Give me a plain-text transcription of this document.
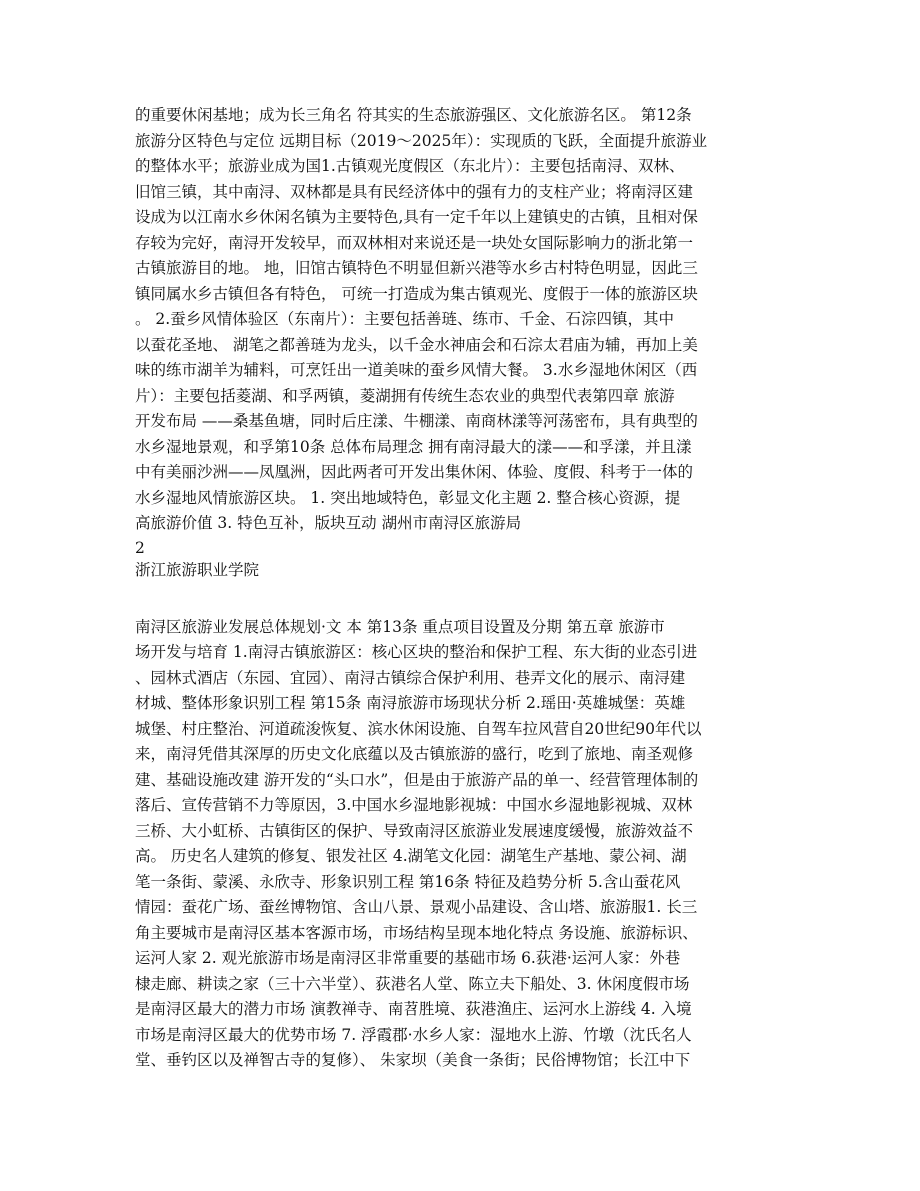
的重要休闲基地；成为长三角名 符其实的生态旅游强区、文化旅游名区。 第12条
旅游分区特色与定位 远期目标（2019～2025年）：实现质的飞跃，全面提升旅游业
的整体水平；旅游业成为国1.古镇观光度假区（东北片）：主要包括南浔、双林、
旧馆三镇，其中南浔、双林都是具有民经济体中的强有力的支柱产业；将南浔区建
设成为以江南水乡休闲名镇为主要特色,具有一定千年以上建镇史的古镇，且相对保
存较为完好，南浔开发较早，而双林相对来说还是一块处女国际影响力的浙北第一
古镇旅游目的地。 地，旧馆古镇特色不明显但新兴港等水乡古村特色明显，因此三
镇同属水乡古镇但各有特色， 可统一打造成为集古镇观光、度假于一体的旅游区块
。 2.蚕乡风情体验区（东南片）：主要包括善琏、练市、千金、石淙四镇，其中
以蚕花圣地、 湖笔之都善琏为龙头，以千金水神庙会和石淙太君庙为辅，再加上美
味的练市湖羊为辅料，可烹饪出一道美味的蚕乡风情大餐。 3.水乡湿地休闲区（西
片）：主要包括菱湖、和孚两镇，菱湖拥有传统生态农业的典型代表第四章 旅游
开发布局 ——桑基鱼塘，同时后庄漾、牛棚漾、南商林漾等河荡密布，具有典型的
水乡湿地景观，和孚第10条 总体布局理念 拥有南浔最大的漾——和孚漾，并且漾
中有美丽沙洲——凤凰洲，因此两者可开发出集休闲、体验、度假、科考于一体的
水乡湿地风情旅游区块。 1. 突出地域特色，彰显文化主题 2. 整合核心资源，提
高旅游价值 3. 特色互补，版块互动 湖州市南浔区旅游局

2

浙江旅游职业学院

南浔区旅游业发展总体规划·文 本 第13条 重点项目设置及分期 第五章 旅游市
场开发与培育 1.南浔古镇旅游区：核心区块的整治和保护工程、东大街的业态引进
、园林式酒店（东园、宜园）、南浔古镇综合保护利用、巷弄文化的展示、南浔建
材城、整体形象识别工程 第15条 南浔旅游市场现状分析 2.瑶田·英雄城堡：英雄
城堡、村庄整治、河道疏浚恢复、滨水休闲设施、自驾车拉风营自20世纪90年代以
来，南浔凭借其深厚的历史文化底蕴以及古镇旅游的盛行，吃到了旅地、南圣观修
建、基础设施改建 游开发的“头口水”，但是由于旅游产品的单一、经营管理体制的
落后、宣传营销不力等原因，3.中国水乡湿地影视城：中国水乡湿地影视城、双林
三桥、大小虹桥、古镇街区的保护、导致南浔区旅游业发展速度缓慢，旅游效益不
高。 历史名人建筑的修复、银发社区 4.湖笔文化园：湖笔生产基地、蒙公祠、湖
笔一条街、蒙溪、永欣寺、形象识别工程 第16条 特征及趋势分析 5.含山蚕花风
情园：蚕花广场、蚕丝博物馆、含山八景、景观小品建设、含山塔、旅游服1. 长三
角主要城市是南浔区基本客源市场，市场结构呈现本地化特点 务设施、旅游标识、
运河人家 2. 观光旅游市场是南浔区非常重要的基础市场 6.荻港·运河人家：外巷
棣走廊、耕读之家（三十六半堂）、荻港名人堂、陈立夫下船处、3. 休闲度假市场
是南浔区最大的潜力市场 演教禅寺、南苕胜境、荻港渔庄、运河水上游线 4. 入境
市场是南浔区最大的优势市场 7. 浮霞郡·水乡人家：湿地水上游、竹墩（沈氏名人
堂、垂钓区以及禅智古寺的复修）、 朱家坝（美食一条街；民俗博物馆；长江中下
